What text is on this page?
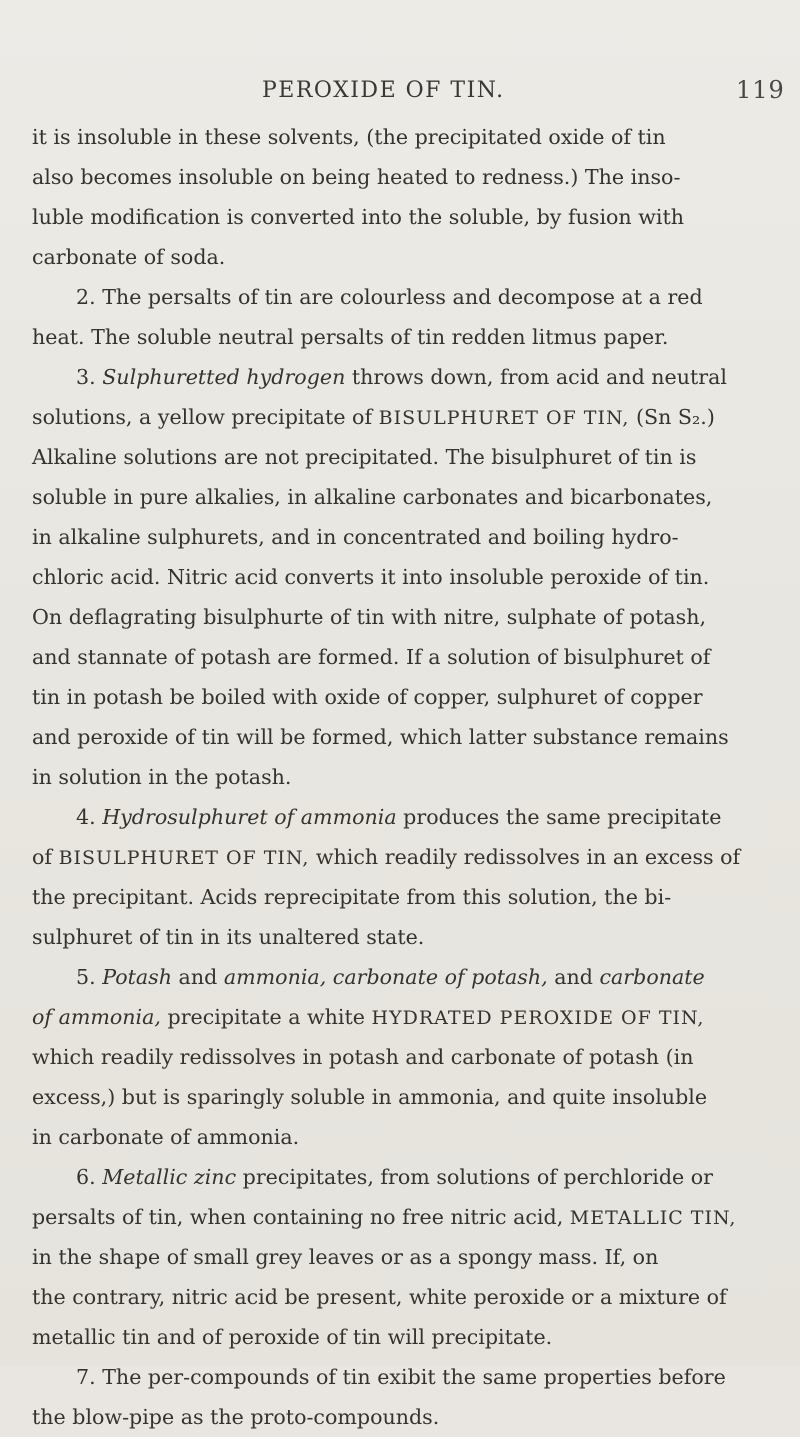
PEROXIDE OF TIN.	119
it is insoluble in these solvents, (the precipitated oxide of tin
also becomes insoluble on being heated to redness.) The inso-
luble modification is converted into the soluble, by fusion with
carbonate of soda.
2. The persalts of tin are colourless and decompose at a red
heat. The soluble neutral persalts of tin redden litmus paper.
3. Sulphuretted hydrogen throws down, from acid and neutral
solutions, a yellow precipitate of BISULPHURET OF TIN, (Sn S₂.)
Alkaline solutions are not precipitated. The bisulphuret of tin is
soluble in pure alkalies, in alkaline carbonates and bicarbonates,
in alkaline sulphurets, and in concentrated and boiling hydro-
chloric acid. Nitric acid converts it into insoluble peroxide of tin.
On deflagrating bisulphurte of tin with nitre, sulphate of potash,
and stannate of potash are formed. If a solution of bisulphuret of
tin in potash be boiled with oxide of copper, sulphuret of copper
and peroxide of tin will be formed, which latter substance remains
in solution in the potash.
4. Hydrosulphuret of ammonia produces the same precipitate
of BISULPHURET OF TIN, which readily redissolves in an excess of
the precipitant. Acids reprecipitate from this solution, the bi-
sulphuret of tin in its unaltered state.
5. Potash and ammonia, carbonate of potash, and carbonate
of ammonia, precipitate a white HYDRATED PEROXIDE OF TIN,
which readily redissolves in potash and carbonate of potash (in
excess,) but is sparingly soluble in ammonia, and quite insoluble
in carbonate of ammonia.
6. Metallic zinc precipitates, from solutions of perchloride or
persalts of tin, when containing no free nitric acid, METALLIC TIN,
in the shape of small grey leaves or as a spongy mass. If, on
the contrary, nitric acid be present, white peroxide or a mixture of
metallic tin and of peroxide of tin will precipitate.
7. The per-compounds of tin exibit the same properties before
the blow-pipe as the proto-compounds.
